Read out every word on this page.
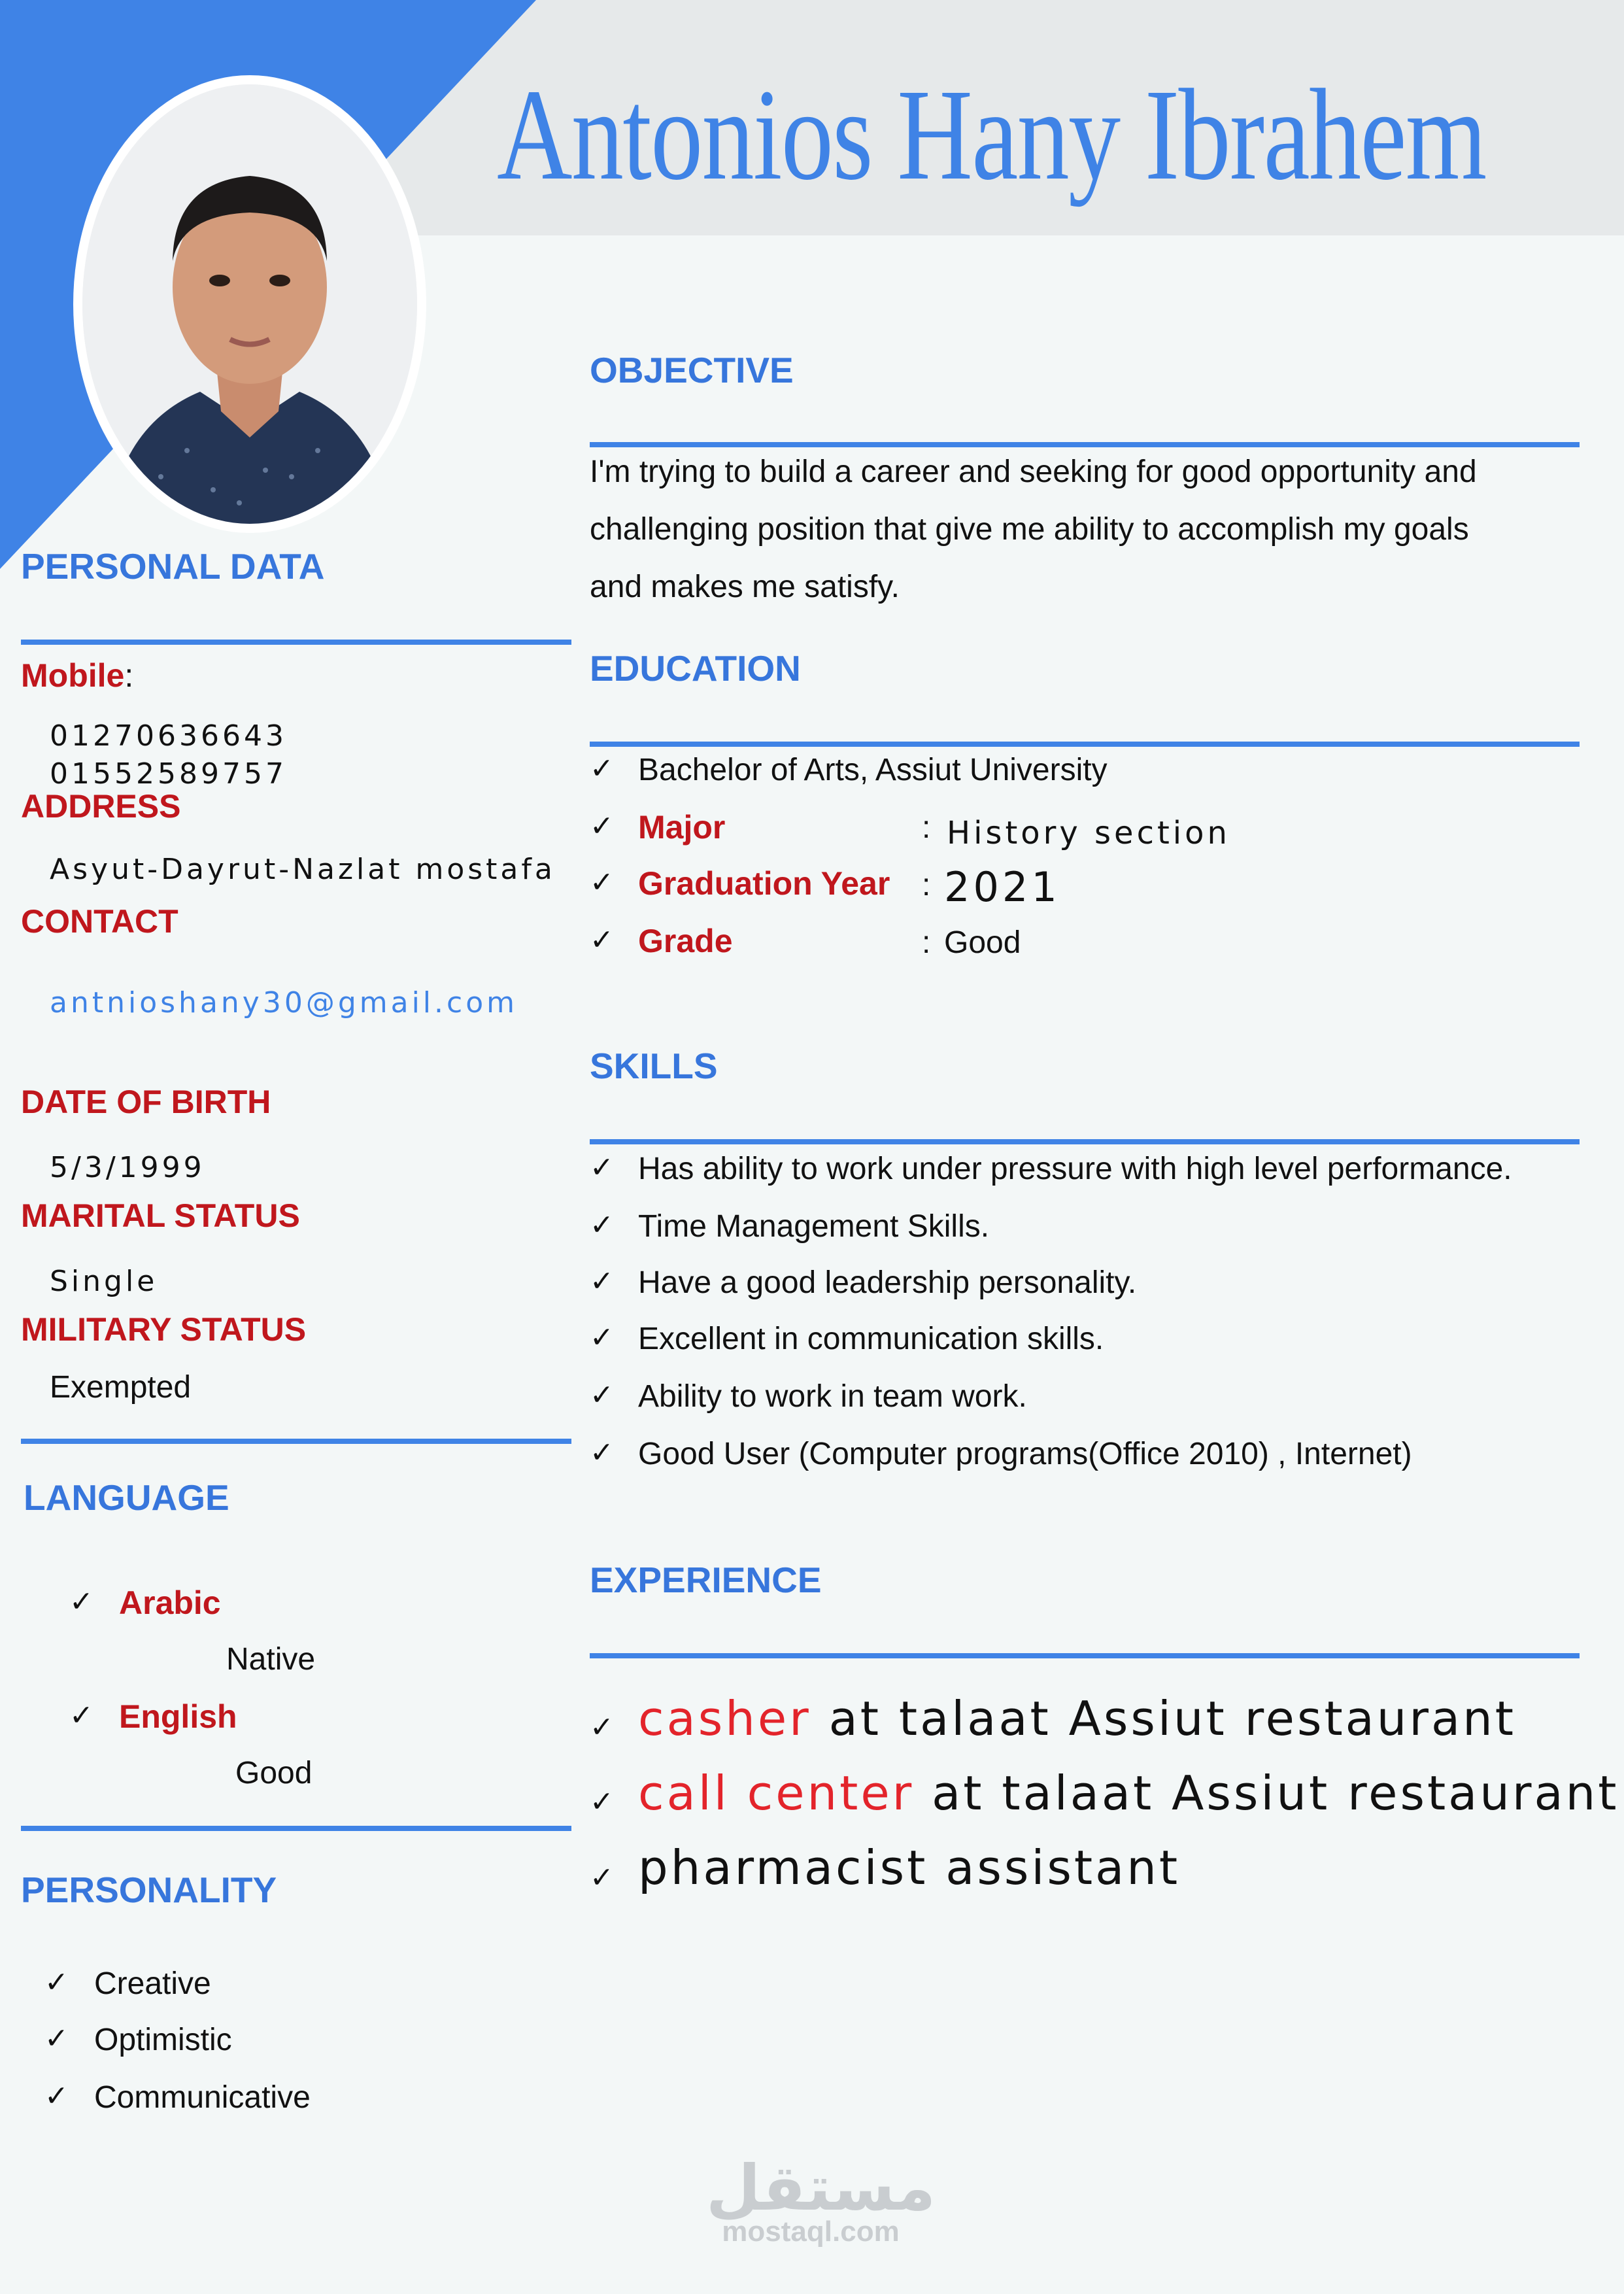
Antonios Hany Ibrahem
PERSONAL DATA
Mobile:
01270636643
01552589757
ADDRESS
Asyut-Dayrut-Nazlat mostafa
CONTACT
antnioshany30@gmail.com
DATE OF BIRTH
5/3/1999
MARITAL STATUS
Single
MILITARY STATUS
Exempted
LANGUAGE
✓ Arabic
Native
✓ English
Good
PERSONALITY
✓ Creative
✓ Optimistic
✓ Communicative
OBJECTIVE
I'm trying to build a career and seeking for good opportunity and
challenging position that give me ability to accomplish my goals
and makes me satisfy.
EDUCATION
✓ Bachelor of Arts, Assiut University
✓ Major	: History section
✓ Graduation Year : 2021
✓ Grade	: Good
SKILLS
✓ Has ability to work under pressure with high level performance.
✓ Time Management Skills.
✓ Have a good leadership personality.
✓ Excellent in communication skills.
✓ Ability to work in team work.
✓ Good User (Computer programs(Office 2010) , Internet)
EXPERIENCE
✓ casher at talaat Assiut restaurant
✓ call center at talaat Assiut restaurant
✓ pharmacist assistant
مستقل
mostaql.com
